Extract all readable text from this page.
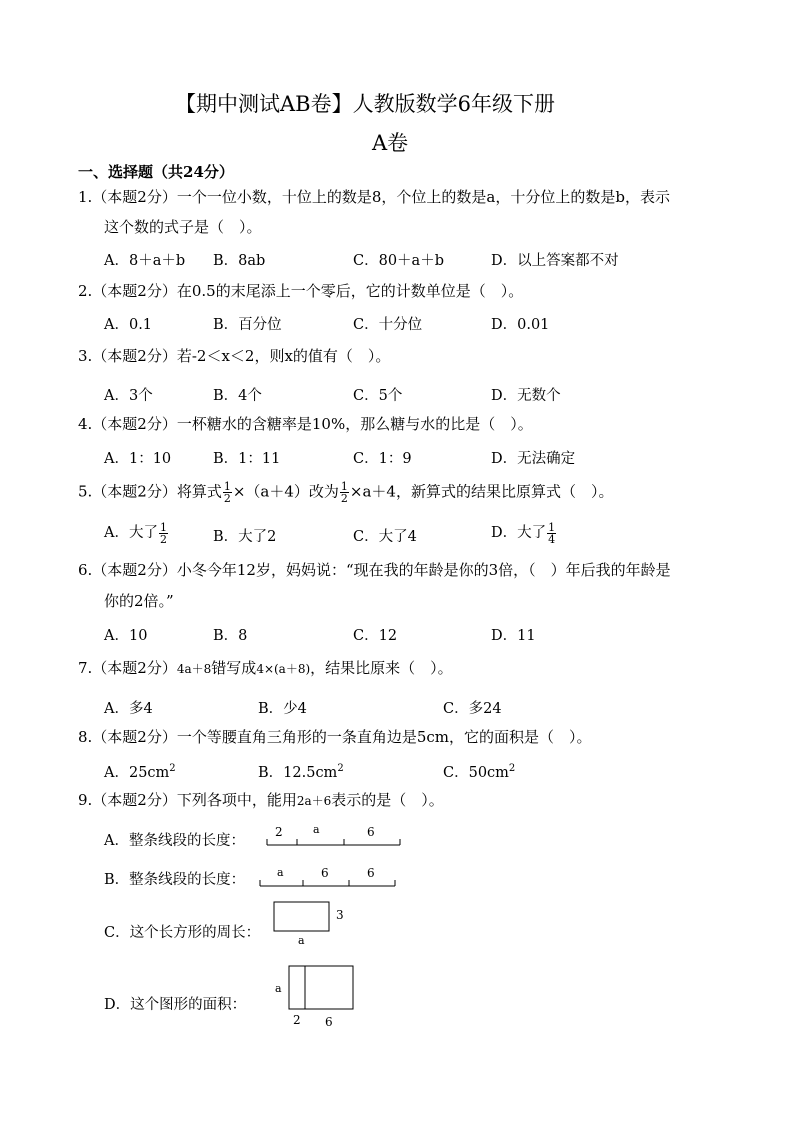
【期中测试AB卷】人教版数学6年级下册
A卷
一、选择题（共24分）
1.（本题2分）一个一位小数，十位上的数是8，个位上的数是a，十分位上的数是b，表示
这个数的式子是（　）。
A．8＋a＋b B．8ab	C．80＋a＋b	D．以上答案都不对
2.（本题2分）在0.5的末尾添上一个零后，它的计数单位是（　）。
A．0.1	B．百分位	C．十分位	D．0.01
3.（本题2分）若-2＜x＜2，则x的值有（　）。
A．3个	B．4个	C．5个	D．无数个
4.（本题2分）一杯糖水的含糖率是10%，那么糖与水的比是（　）。
A．1：10	B．1：11	C．1：9	D．无法确定
5.（本题2分）将算式 $\frac{1}{2} \times(a+4)$改为 $\frac{1}{2} \times a+4$，新算式的结果比原算式（　）。
A．大了 $\frac{1}{2}$	B．大了2	C．大了4	D．大了 $\frac{1}{4}$
6.（本题2分）小冬今年12岁，妈妈说：“现在我的年龄是你的3倍，（　）年后我的年龄是
你的2倍。”
A．10	B．8	C．12	D．11
7.（本题2分）4a＋8错写成4×(a＋8)，结果比原来（　）。
A．多4	B．少4	C．多24
8.（本题2分）一个等腰直角三角形的一条直角边是5cm，它的面积是（　）。
A．$25cm^2$	B．$12.5cm^2$	C．$50cm^2$
9.（本题2分）下列各项中，能用2a＋6表示的是（　）。
A．整条线段的长度：
2	a	6
B．整条线段的长度：	a	6	6
C．这个长方形的周长：
3
a
D．这个图形的面积：
a
2 6
